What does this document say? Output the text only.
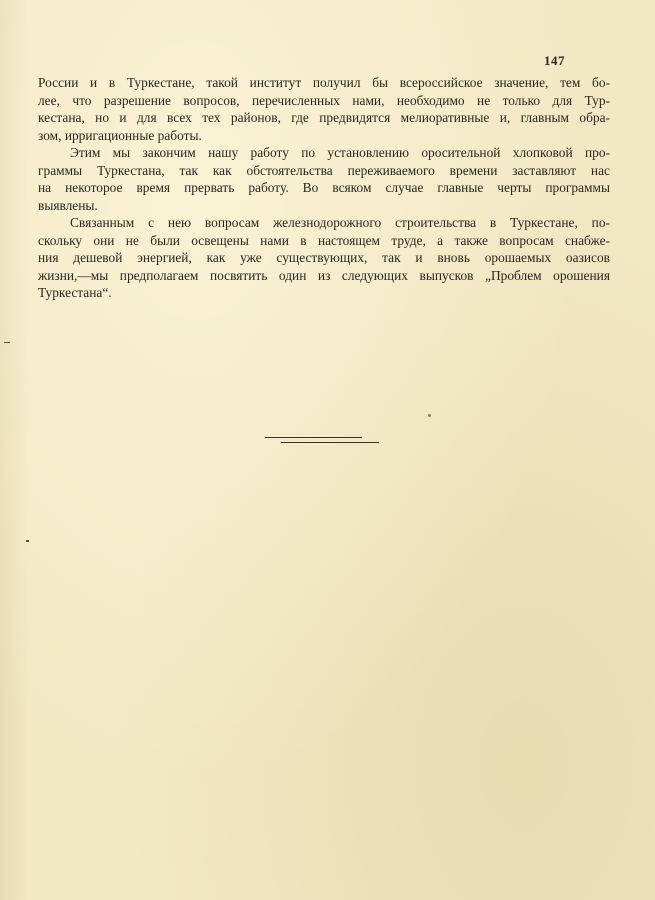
147
России и в Туркестане, такой институт получил бы всероссийское значение, тем бо-
лее, что разрешение вопросов, перечисленных нами, необходимо не только для Тур-
кестана, но и для всех тех районов, где предвидятся мелиоративные и, главным обра-
зом, ирригационные работы.
Этим мы закончим нашу работу по установлению оросительной хлопковой про-
граммы Туркестана, так как обстоятельства переживаемого времени заставляют нас
на некоторое время прервать работу. Во всяком случае главные черты программы
выявлены.
Связанным с нею вопросам железнодорожного строительства в Туркестане, по-
скольку они не были освещены нами в настоящем труде, а также вопросам снабже-
ния дешевой энергией, как уже существующих, так и вновь орошаемых оазисов
жизни,—мы предполагаем посвятить один из следующих выпусков „Проблем орошения
Туркестана“.
